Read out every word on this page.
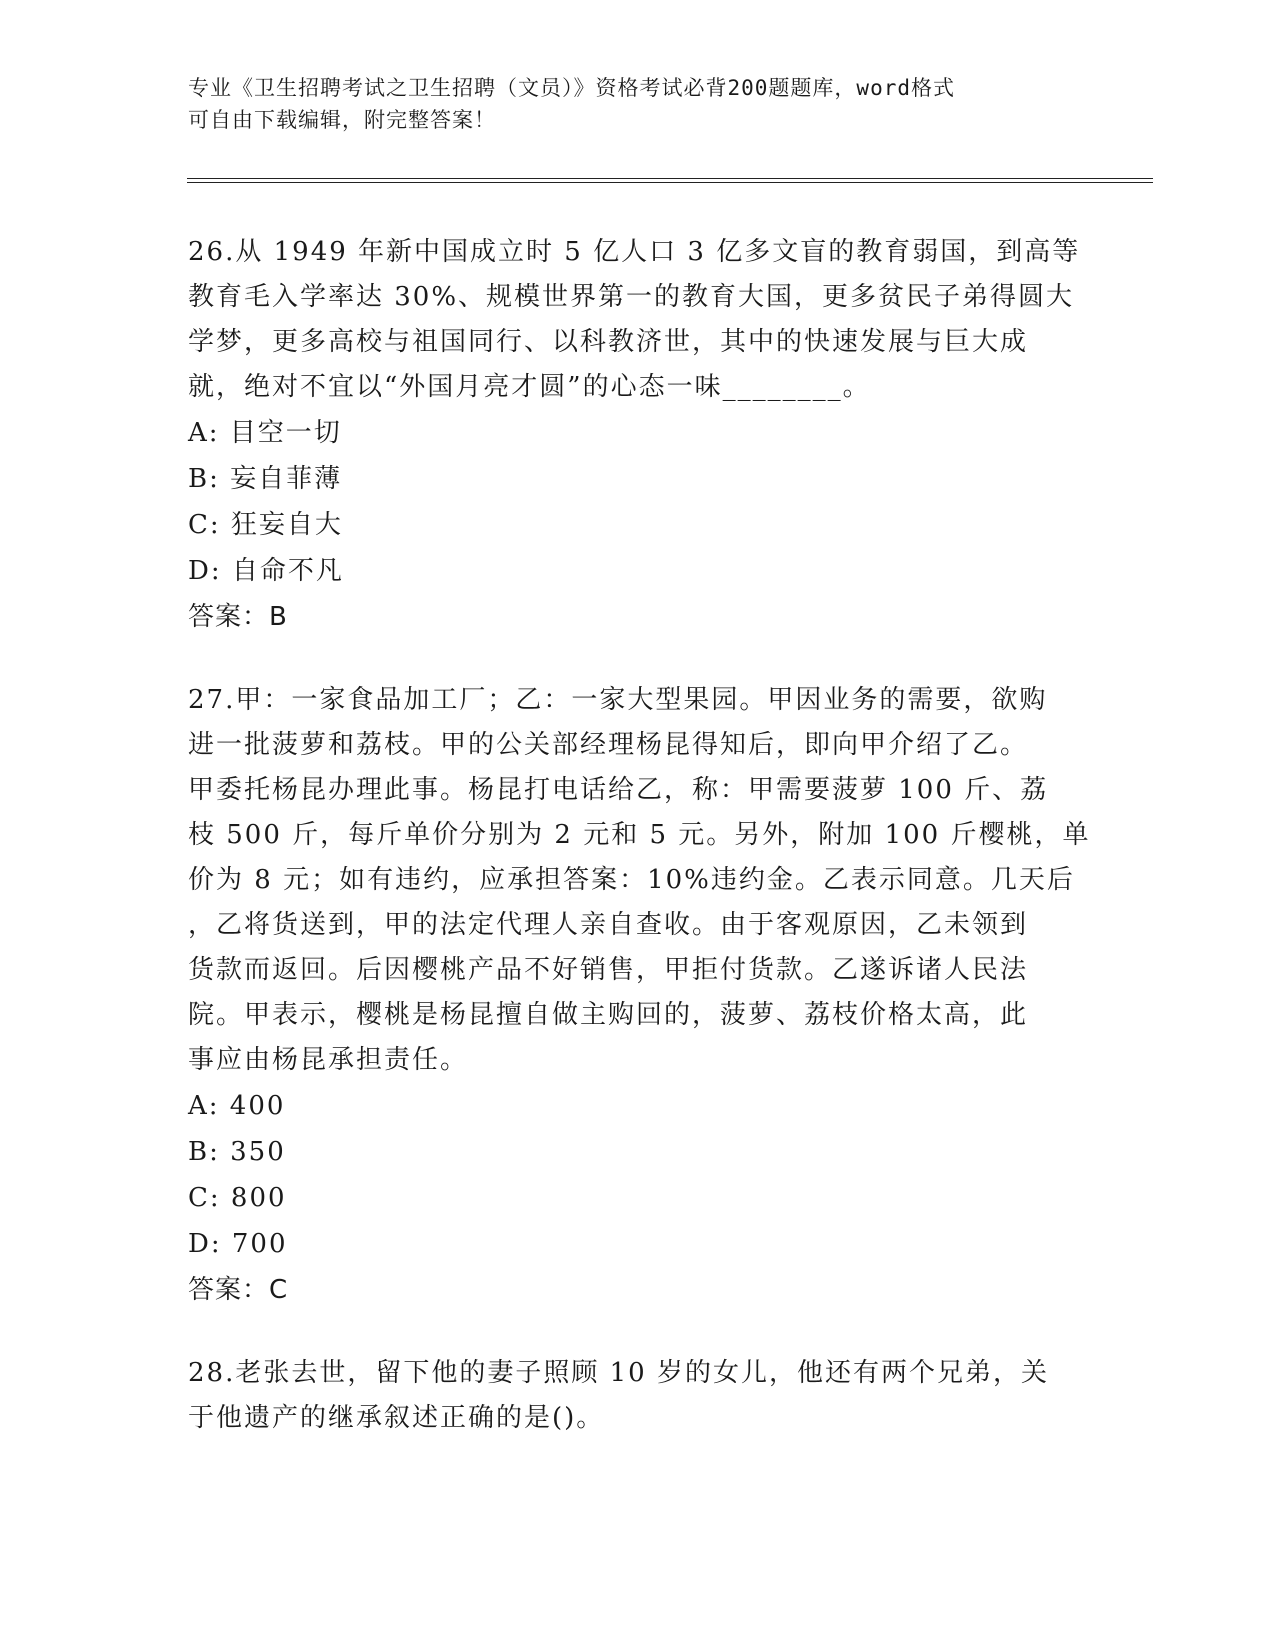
专业《卫生招聘考试之卫生招聘（文员）》资格考试必背200题题库，word格式
可自由下载编辑，附完整答案！
26.从 1949 年新中国成立时 5 亿人口 3 亿多文盲的教育弱国，到高等
教育毛入学率达 30%、规模世界第一的教育大国，更多贫民子弟得圆大
学梦，更多高校与祖国同行、以科教济世，其中的快速发展与巨大成
就，绝对不宜以“外国月亮才圆”的心态一味________。
A: 目空一切
B: 妄自菲薄
C: 狂妄自大
D: 自命不凡
答案：B
27.甲：一家食品加工厂；乙：一家大型果园。甲因业务的需要，欲购
进一批菠萝和荔枝。甲的公关部经理杨昆得知后，即向甲介绍了乙。
甲委托杨昆办理此事。杨昆打电话给乙，称：甲需要菠萝 100 斤、荔
枝 500 斤，每斤单价分别为 2 元和 5 元。另外，附加 100 斤樱桃，单
价为 8 元；如有违约，应承担答案：10%违约金。乙表示同意。几天后
，乙将货送到，甲的法定代理人亲自查收。由于客观原因，乙未领到
货款而返回。后因樱桃产品不好销售，甲拒付货款。乙遂诉诸人民法
院。甲表示，樱桃是杨昆擅自做主购回的，菠萝、荔枝价格太高，此
事应由杨昆承担责任。
A: 400
B: 350
C: 800
D: 700
答案：C
28.老张去世，留下他的妻子照顾 10 岁的女儿，他还有两个兄弟，关
于他遗产的继承叙述正确的是()。
